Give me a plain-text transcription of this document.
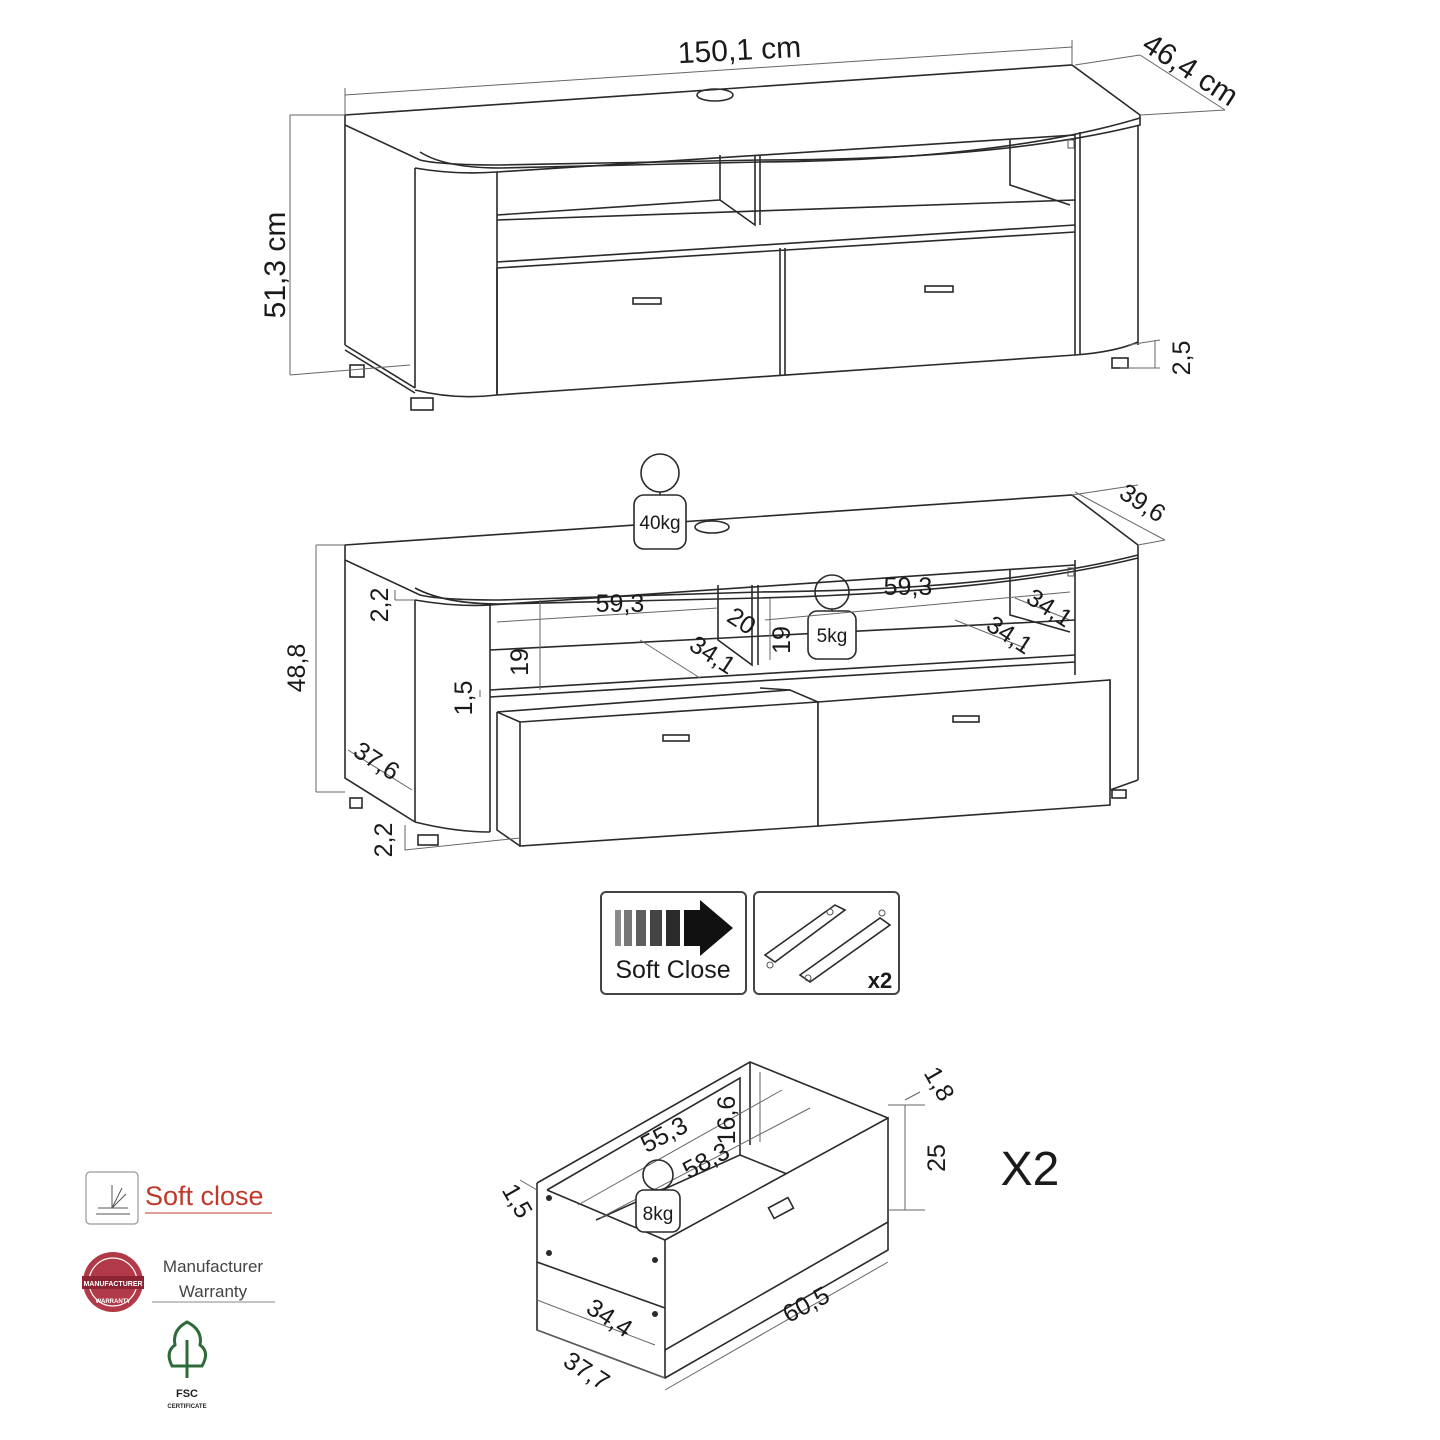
150,1 cm	46,4 cm
51,3 cm
2,5
40kg
5kg
39,6
48,8
2,2	59,3
59,3
20
34,1	34,1
34,1
19
19
1,5
37,6
2,2
Soft Close	x2
8kg
X2
55,3
58,3
16,6
1,8
25
1,5
34,4
37,7
60,5
Soft close
MANUFACTURER
WARRANTY
Manufacturer
Warranty
FSC
CERTIFICATE
